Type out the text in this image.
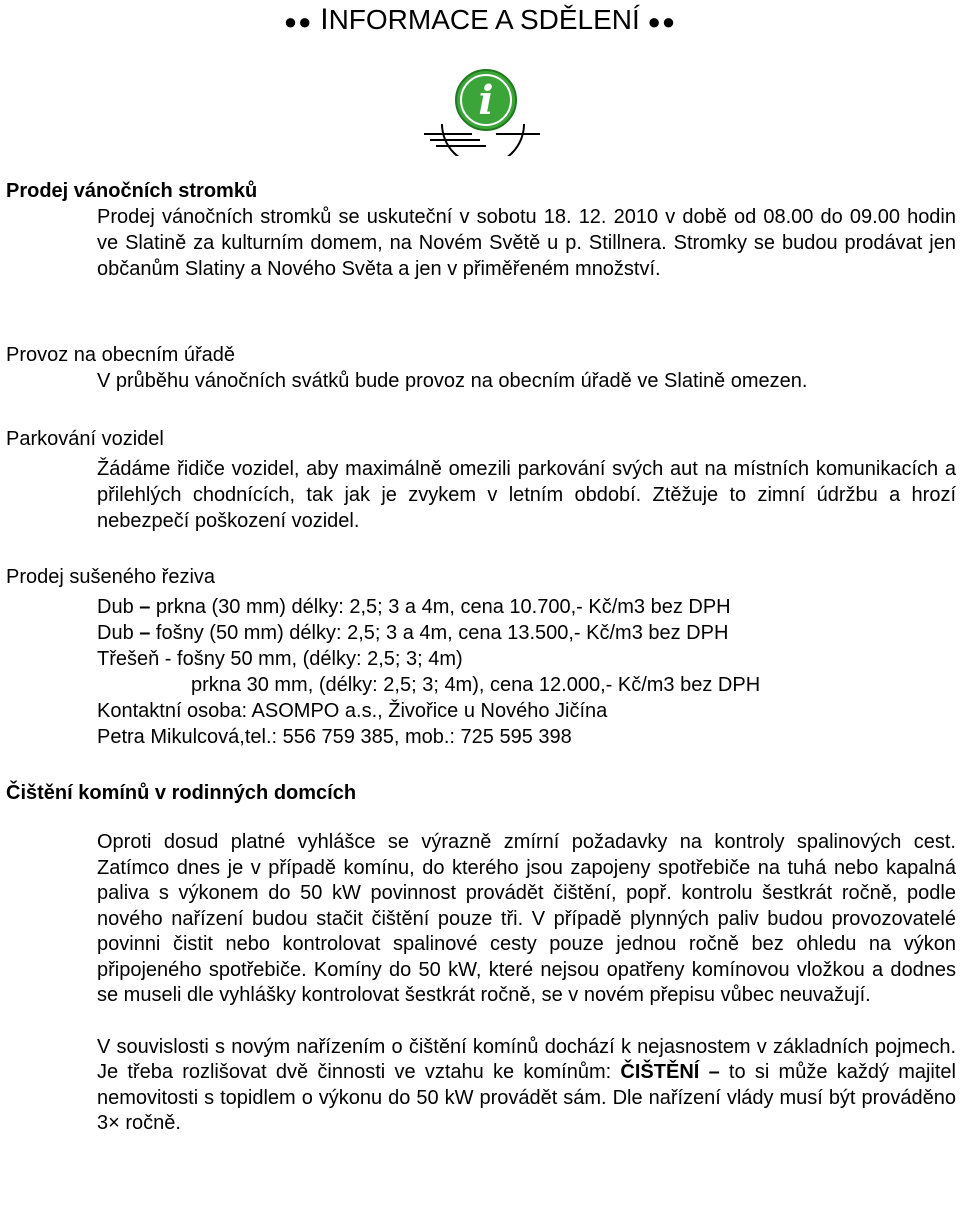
●● INFORMACE A SDĚLENÍ ●●
i
Prodej vánočních stromků
Prodej vánočních stromků se uskuteční v sobotu 18. 12. 2010 v době od 08.00 do 09.00 hodin ve Slatině za kulturním domem, na Novém Světě u p. Stillnera. Stromky se budou prodávat jen občanům Slatiny a Nového Světa a jen v přiměřeném množství.
Provoz na obecním úřadě
V průběhu vánočních svátků bude provoz na obecním úřadě ve Slatině omezen.
Parkování vozidel
Žádáme řidiče vozidel, aby maximálně omezili parkování svých aut na místních komunikacích a přilehlých chodnících, tak jak je zvykem v letním období. Ztěžuje to zimní údržbu a hrozí nebezpečí poškození vozidel.
Prodej sušeného řeziva
Dub – prkna (30 mm) délky: 2,5; 3 a 4m, cena 10.700,- Kč/m3 bez DPH
Dub – fošny (50 mm) délky: 2,5; 3 a 4m, cena 13.500,- Kč/m3 bez DPH
Třešeň - fošny 50 mm, (délky: 2,5; 3; 4m)
prkna 30 mm, (délky: 2,5; 3; 4m), cena 12.000,- Kč/m3 bez DPH
Kontaktní osoba: ASOMPO a.s., Živořice u Nového Jičína
Petra Mikulcová,tel.: 556 759 385, mob.: 725 595 398
Čištění komínů v rodinných domcích
Oproti dosud platné vyhlášce se výrazně zmírní požadavky na kontroly spalinových cest. Zatímco dnes je v případě komínu, do kterého jsou zapojeny spotřebiče na tuhá nebo kapalná paliva s výkonem do 50 kW povinnost provádět čištění, popř. kontrolu šestkrát ročně, podle nového nařízení budou stačit čištění pouze tři. V případě plynných paliv budou provozovatelé povinni čistit nebo kontrolovat spalinové cesty pouze jednou ročně bez ohledu na výkon připojeného spotřebiče. Komíny do 50 kW, které nejsou opatřeny komínovou vložkou a dodnes se museli dle vyhlášky kontrolovat šestkrát ročně, se v novém přepisu vůbec neuvažují.
V souvislosti s novým nařízením o čištění komínů dochází k nejasnostem v základních pojmech. Je třeba rozlišovat dvě činnosti ve vztahu ke komínům: ČIŠTĚNÍ – to si může každý majitel nemovitosti s topidlem o výkonu do 50 kW provádět sám. Dle nařízení vlády musí být prováděno 3× ročně.
